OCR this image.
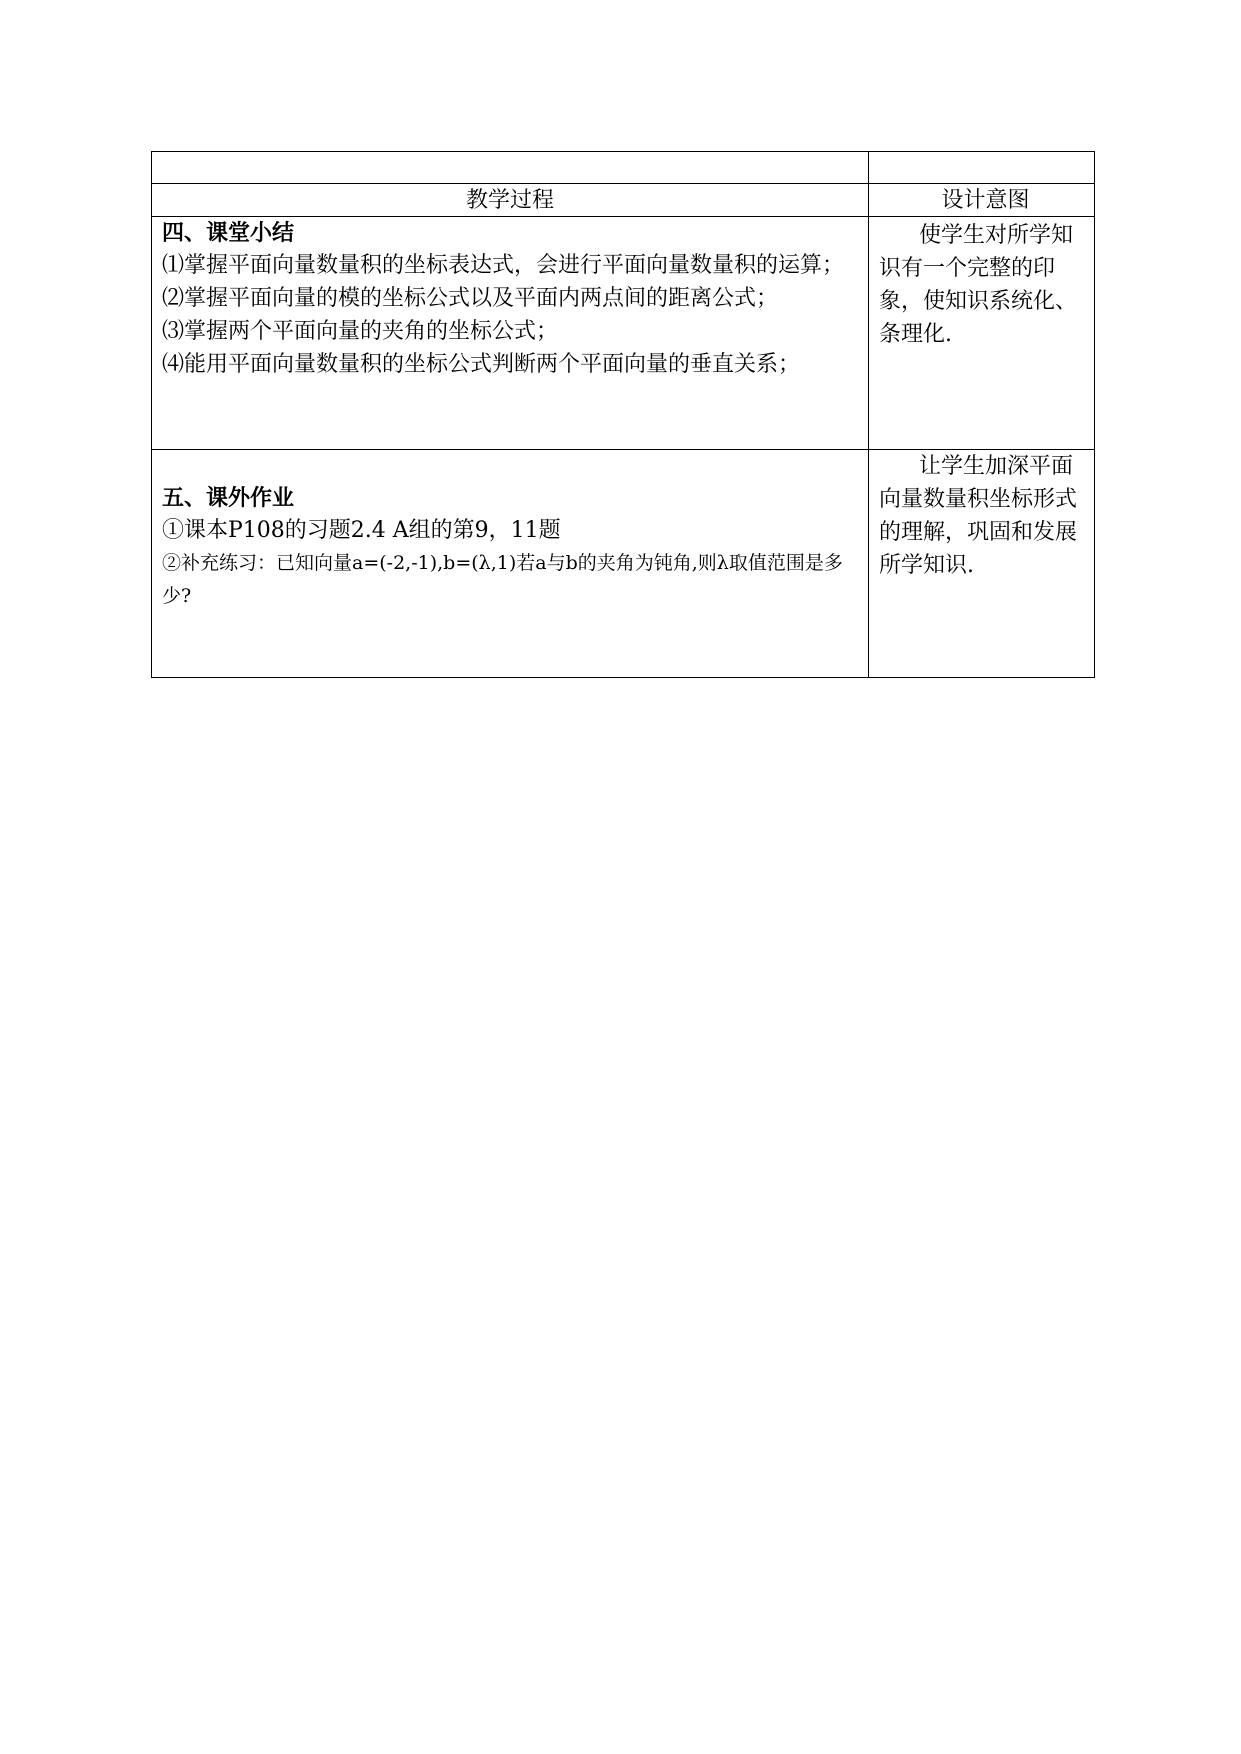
教学过程	设计意图
四、课堂小结
⑴掌握平面向量数量积的坐标表达式，会进行平面向量数量积的运算；
⑵掌握平面向量的模的坐标公式以及平面内两点间的距离公式；
⑶掌握两个平面向量的夹角的坐标公式；
⑷能用平面向量数量积的坐标公式判断两个平面向量的垂直关系；
使学生对所学知识有一个完整的印象，使知识系统化、条理化.
五、课外作业
①课本P108的习题2.4 A组的第9，11题
②补充练习：已知向量a=(-2,-1),b=(λ,1)若a与b的夹角为钝角,则λ取值范围是多少?
让学生加深平面向量数量积坐标形式的理解，巩固和发展所学知识.
